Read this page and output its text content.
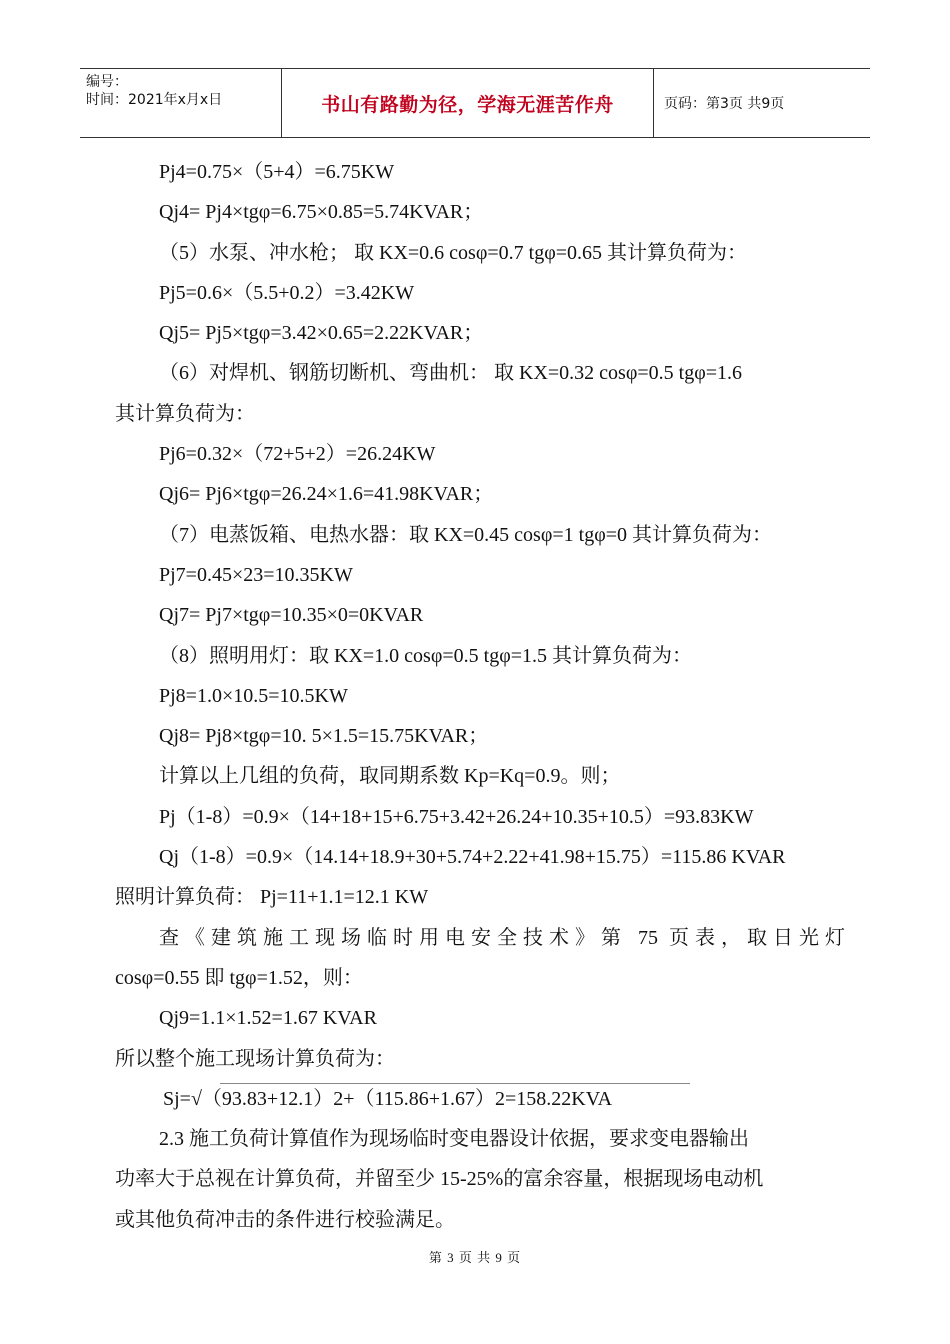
编号：
时间：2021年x月x日	书山有路勤为径，学海无涯苦作舟	页码：第3页 共9页
Pj4=0.75×（5+4）=6.75KW
Qj4= Pj4×tgφ=6.75×0.85=5.74KVAR；
（5）水泵、冲水枪； 取 KX=0.6 cosφ=0.7 tgφ=0.65 其计算负荷为：
Pj5=0.6×（5.5+0.2）=3.42KW
Qj5= Pj5×tgφ=3.42×0.65=2.22KVAR；
（6）对焊机、钢筋切断机、弯曲机： 取 KX=0.32 cosφ=0.5 tgφ=1.6
其计算负荷为：
Pj6=0.32×（72+5+2）=26.24KW
Qj6= Pj6×tgφ=26.24×1.6=41.98KVAR；
（7）电蒸饭箱、电热水器：取 KX=0.45 cosφ=1 tgφ=0 其计算负荷为：
Pj7=0.45×23=10.35KW
Qj7= Pj7×tgφ=10.35×0=0KVAR
（8）照明用灯：取 KX=1.0 cosφ=0.5 tgφ=1.5 其计算负荷为：
Pj8=1.0×10.5=10.5KW
Qj8= Pj8×tgφ=10. 5×1.5=15.75KVAR；
计算以上几组的负荷，取同期系数 Kp=Kq=0.9。则；
Pj（1-8）=0.9×（14+18+15+6.75+3.42+26.24+10.35+10.5）=93.83KW
Qj（1-8）=0.9×（14.14+18.9+30+5.74+2.22+41.98+15.75）=115.86 KVAR
照明计算负荷： Pj=11+1.1=12.1 KW
查《建筑施工现场临时用电安全技术》第 75 页表，取日光灯
cosφ=0.55 即 tgφ=1.52，则：
Qj9=1.1×1.52=1.67 KVAR
所以整个施工现场计算负荷为：
Sj=√（93.83+12.1）2+（115.86+1.67）2=158.22KVA
2.3 施工负荷计算值作为现场临时变电器设计依据，要求变电器输出
功率大于总视在计算负荷，并留至少 15-25%的富余容量，根据现场电动机
或其他负荷冲击的条件进行校验满足。
第 3 页 共 9 页
